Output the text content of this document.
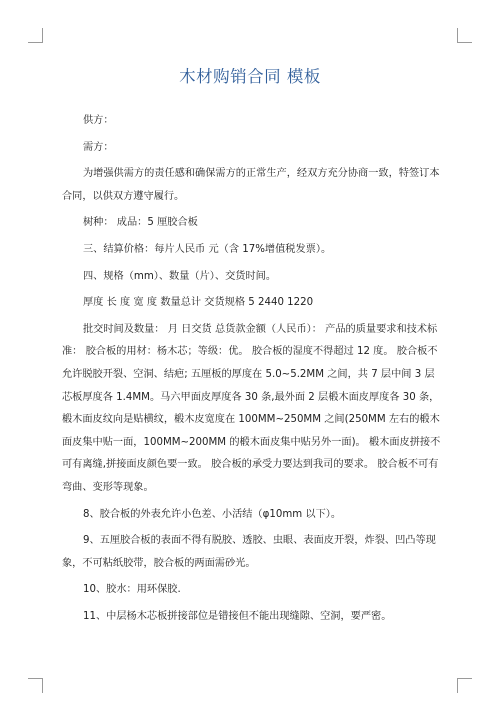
木材购销合同 模板

供方：

需方：

为增强供需方的责任感和确保需方的正常生产，经双方充分协商一致，特签订本合同，以供双方遵守履行。

树种： 成品：5 厘胶合板

三、结算价格：每片人民币 元（含 17%增值税发票）。

四、规格（mm）、数量（片）、交货时间。

厚度 长 度 宽 度 数量总计 交货规格 5 2440 1220

批交时间及数量： 月 日交货 总货款金额（人民币）： 产品的质量要求和技术标准： 胶合板的用材：杨木芯；等级：优。 胶合板的湿度不得超过 12 度。 胶合板不允许脱胶开裂、空洞、结疤; 五厘板的厚度在 5.0~5.2MM 之间，共 7 层中间 3 层芯板厚度各 1.4MM。马六甲面皮厚度各 30 条,最外面 2 层椴木面皮厚度各 30 条，椴木面皮纹向是贴横纹，椴木皮宽度在 100MM~250MM 之间(250MM 左右的椴木面皮集中贴一面，100MM~200MM 的椴木面皮集中贴另外一面)。 椴木面皮拼接不可有离缝,拼接面皮颜色要一致。 胶合板的承受力要达到我司的要求。 胶合板不可有弯曲、变形等现象。

8、胶合板的外表允许小色差、小活结（φ10mm 以下）。

9、五厘胶合板的表面不得有脱胶、透胶、虫眼、表面皮开裂，炸裂、凹凸等现象，不可粘纸胶带，胶合板的两面需砂光。

10、胶水：用环保胶.

11、中层杨木芯板拼接部位是错接但不能出现缝隙、空洞，要严密。
